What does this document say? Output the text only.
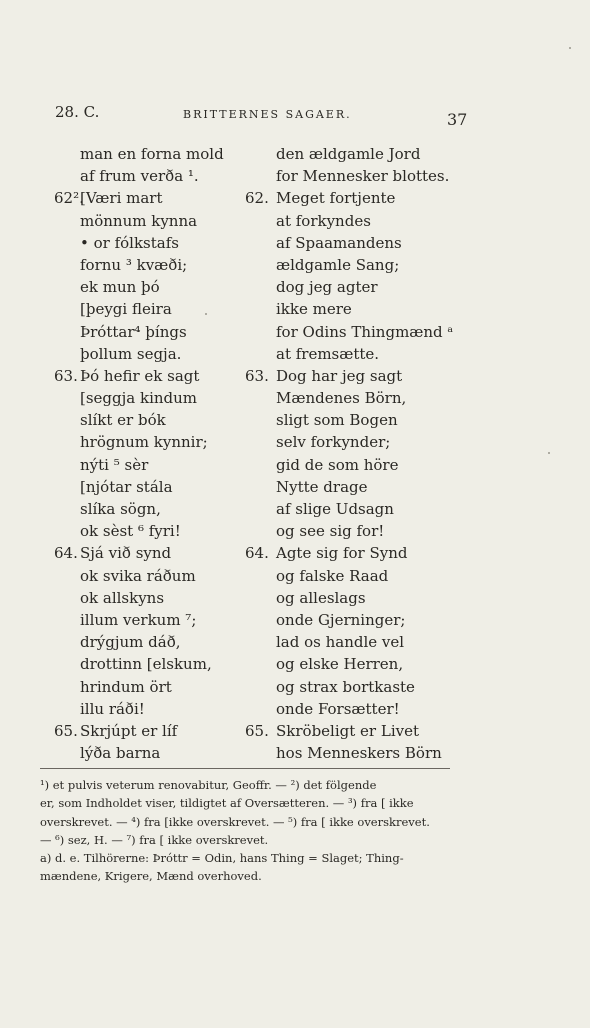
28. C.	BRITTERNES SAGAER.	37
man en forna mold
af frum verða ¹.
62².
[Væri mart
mönnum kynna
• or fólkstafs
fornu ³ kvæði;
ek mun þó
[þeygi fleira
Þróttar⁴ þíngs
þollum segja.
63. Þó hefir ek sagt
[seggja kindum
slíkt er bók
hrögnum kynnir;
nýti ⁵ sèr
[njótar stála
slíka sögn,
ok sèst ⁶ fyri!
64. Sjá við synd
ok svika ráðum
ok allskyns
illum verkum ⁷;
drýgjum dáð,
drottinn [elskum,
hrindum ört
illu ráði!
65. Skrjúpt er líf
lýða barna
den ældgamle Jord
for Mennesker blottes.
62. Meget fortjente
at forkyndes
af Spaamandens
ældgamle Sang;
dog jeg agter
ikke mere
for Odins Thingmænd ᵃ
at fremsætte.
63. Dog har jeg sagt
Mændenes Börn,
sligt som Bogen
selv forkynder;
gid de som höre
Nytte drage
af slige Udsagn
og see sig for!
64. Agte sig for Synd
og falske Raad
og alleslags
onde Gjerninger;
lad os handle vel
og elske Herren,
og strax bortkaste
onde Forsætter!
65. Skröbeligt er Livet
hos Menneskers Börn
¹) et pulvis veterum renovabitur, Geoffr. — ²) det fölgende
er, som Indholdet viser, tildigtet af Oversætteren. — ³) fra [ ikke
overskrevet. — ⁴) fra [ikke overskrevet. — ⁵) fra [ ikke overskrevet.
— ⁶) sez, H. — ⁷) fra [ ikke overskrevet.
a) d. e. Tilhörerne: Þróttr = Odin, hans Thing = Slaget; Thing-
mændene, Krigere, Mænd overhoved.
